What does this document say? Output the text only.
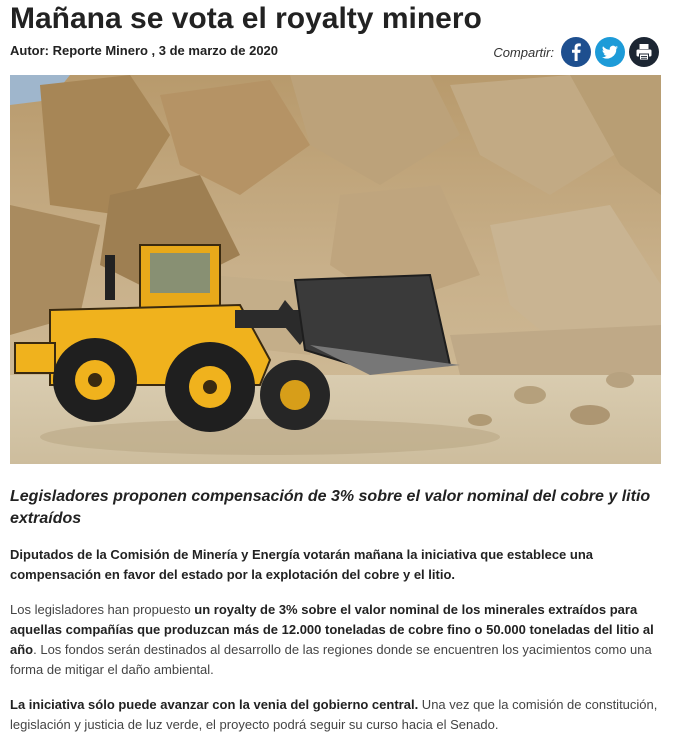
Mañana se vota el royalty minero
Autor: Reporte Minero , 3 de marzo de 2020	Compartir:
Legisladores proponen compensación de 3% sobre el valor nominal del cobre y litio extraídos

Diputados de la Comisión de Minería y Energía votarán mañana la iniciativa que establece una compensación en favor del estado por la explotación del cobre y el litio.

Los legisladores han propuesto un royalty de 3% sobre el valor nominal de los minerales extraídos para aquellas compañías que produzcan más de 12.000 toneladas de cobre fino o 50.000 toneladas del litio al año. Los fondos serán destinados al desarrollo de las regiones donde se encuentren los yacimientos como una forma de mitigar el daño ambiental.

La iniciativa sólo puede avanzar con la venia del gobierno central. Una vez que la comisión de constitución, legislación y justicia de luz verde, el proyecto podrá seguir su curso hacia el Senado.
